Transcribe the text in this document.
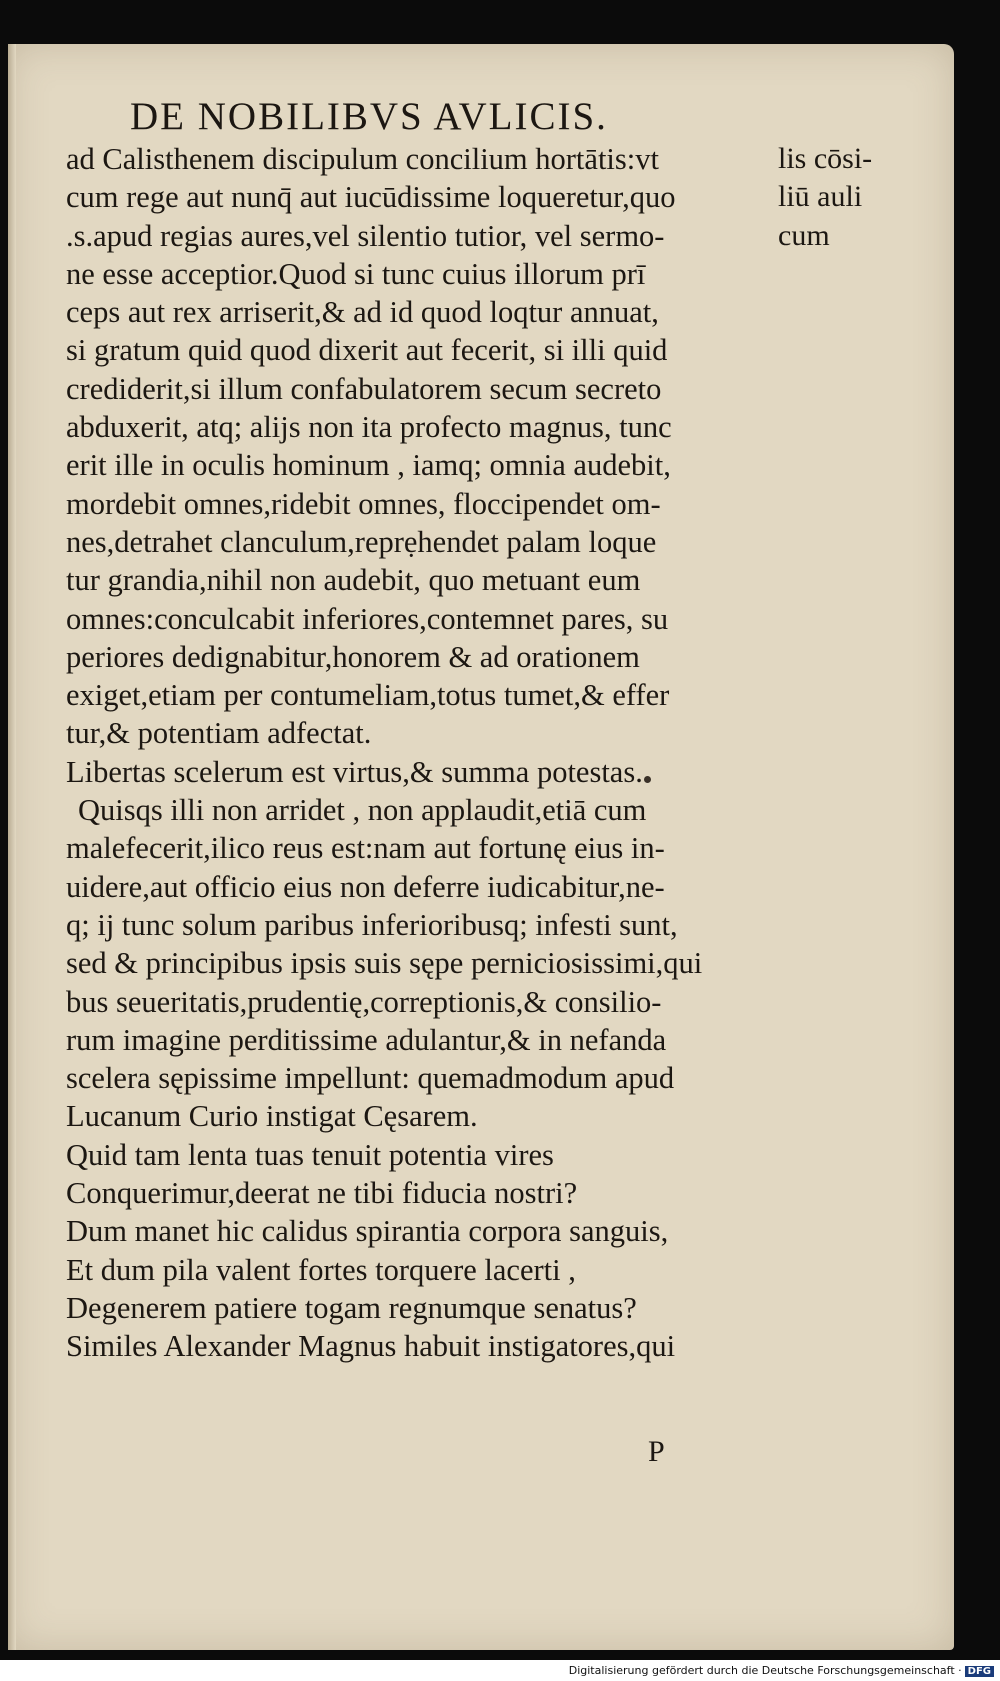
DE NOBILIBVS AVLICIS.
ad Calisthenem discipulum concilium hortātis:vt
cum rege aut nunq̄ aut iucūdissime loqueretur,quo
.s.apud regias aures,vel silentio tutior, vel sermo-
ne esse acceptior.Quod si tunc cuius illorum prī
ceps aut rex arriserit,& ad id quod loqtur annuat,
si gratum quid quod dixerit aut fecerit, si illi quid
crediderit,si illum confabulatorem secum secreto
abduxerit, atq; alijs non ita profecto magnus, tunc
erit ille in oculis hominum , iamq; omnia audebit,
mordebit omnes,ridebit omnes, floccipendet om-
nes,detrahet clanculum,reprẹhendet palam loque
tur grandia,nihil non audebit, quo metuant eum
omnes:conculcabit inferiores,contemnet pares, su
periores dedignabitur,honorem & ad orationem
exiget,etiam per contumeliam,totus tumet,& effer
tur,& potentiam adfectat.
Libertas scelerum est virtus,& summa potestas.
Quisqs illi non arridet , non applaudit,etiā cum
malefecerit,ilico reus est:nam aut fortunę eius in-
uidere,aut officio eius non deferre iudicabitur,ne-
q; ij tunc solum paribus inferioribusq; infesti sunt,
sed & principibus ipsis suis sępe perniciosissimi,qui
bus seueritatis,prudentię,correptionis,& consilio-
rum imagine perditissime adulantur,& in nefanda
scelera sępissime impellunt: quemadmodum apud
Lucanum Curio instigat Cęsarem.
Quid tam lenta tuas tenuit potentia vires
Conquerimur,deerat ne tibi fiducia nostri?
Dum manet hic calidus spirantia corpora sanguis,
Et dum pila valent fortes torquere lacerti ,
Degenerem patiere togam regnumque senatus?
Similes Alexander Magnus habuit instigatores,qui
lis cōsi-
liū auli
cum
P
Digitalisierung gefördert durch die Deutsche Forschungsgemeinschaft · DFG
